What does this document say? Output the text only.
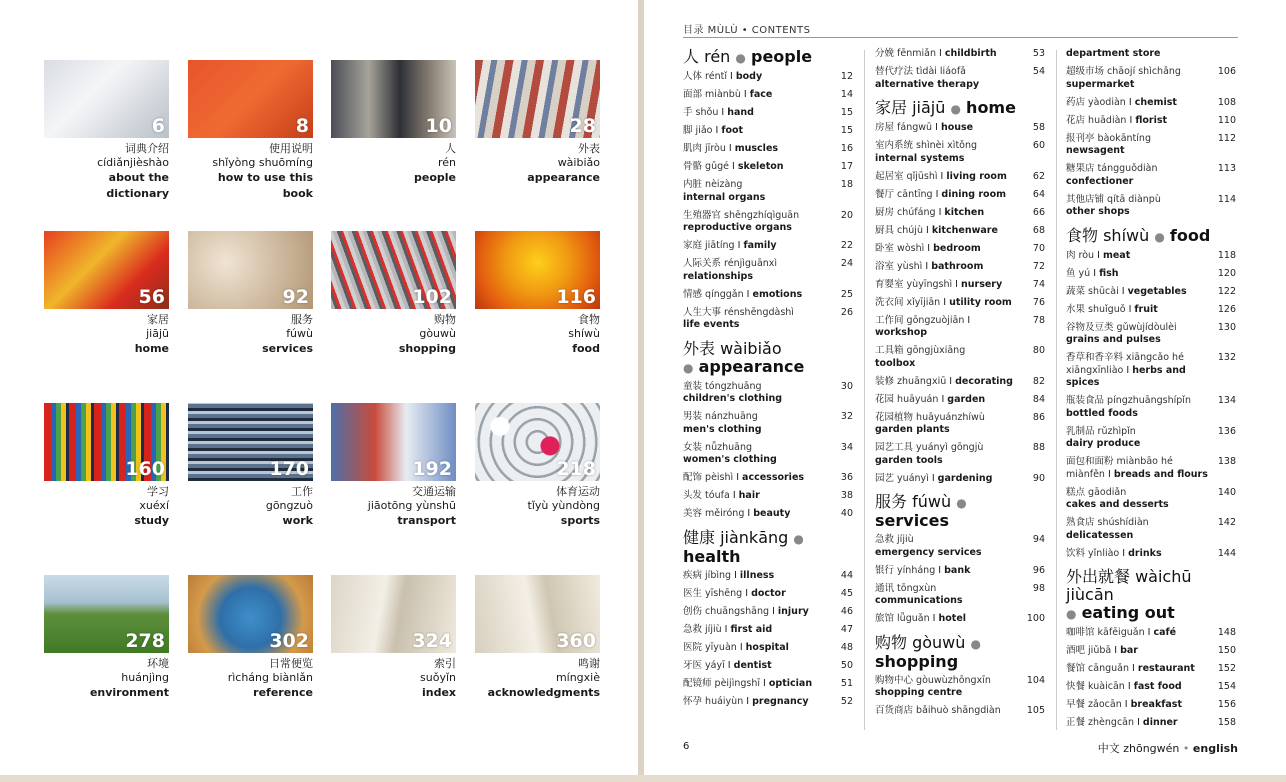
6
词典介绍
cídiǎnjièshào
about the dictionary
8
使用说明
shǐyòng shuōmíng
how to use this book
10
人
rén
people
28
外表
wàibiǎo
appearance
56
家居
jiājū
home
92
服务
fúwù
services
102
购物
gòuwù
shopping
116
食物
shíwù
food
160
学习
xuéxí
study
170
工作
gōngzuò
work
192
交通运输
jiāotōng yùnshū
transport
218
体育运动
tǐyù yùndòng
sports
278
环境
huánjìng
environment
302
日常便览
rìcháng biànlǎn
reference
324
索引
suǒyǐn
index
360
鸣谢
míngxiè
acknowledgments
目录 MÙLÙ • CONTENTS
人 rén ● people
人体 réntǐ I body	12
面部 miànbù I face	14
手 shǒu I hand	15
脚 jiǎo I foot	15
肌肉 jīròu I muscles	16
骨骼 gǔgé I skeleton	17
内脏 nèizàng
internal organs
18
生殖器官 shēngzhíqìguān
reproductive organs
20
家庭 jiātíng I family	22
人际关系 rénjìguānxì
relationships
24
情感 qínggǎn I emotions	25
人生大事 rénshēngdàshì
life events
26
外表 wàibiǎo
● appearance
童装 tóngzhuāng
children's clothing
30
男装 nánzhuāng
men's clothing
32
女装 nǚzhuāng
women's clothing
34
配饰 pèishì I accessories	36
头发 tóufa I hair	38
美容 měiróng I beauty	40
健康 jiànkāng ● health
疾病 jíbìng I illness	44
医生 yīshēng I doctor	45
创伤 chuāngshāng I injury	46
急救 jíjiù I first aid	47
医院 yīyuàn I hospital	48
牙医 yáyī I dentist	50
配镜师 pèijìngshī I optician	51
怀孕 huáiyùn I pregnancy	52
分娩 fēnmiǎn I childbirth	53
替代疗法 tìdài liáofǎ
alternative therapy
54
家居 jiājū ● home
房屋 fángwū I house	58
室内系统 shìnèi xìtǒng
internal systems
60
起居室 qǐjūshì I living room	62
餐厅 cāntīng I dining room	64
厨房 chúfáng I kitchen	66
厨具 chújù I kitchenware	68
卧室 wòshì I bedroom	70
浴室 yùshì I bathroom	72
育婴室 yùyīngshì I nursery	74
洗衣间 xǐyījiān I utility room 76
工作间 gōngzuòjiān I workshop
78
工具箱 gōngjùxiāng
toolbox
80
装修 zhuāngxiū I decorating 82
花园 huāyuán I garden	84
花园植物 huāyuánzhíwù
garden plants
86
园艺工具 yuányì gōngjù
garden tools
88
园艺 yuányì I gardening	90
服务 fúwù ● services
急救 jíjiù
emergency services
94
银行 yínháng I bank	96
通讯 tōngxùn
communications
98
旅馆 lǚguǎn I hotel	100
购物 gòuwù ● shopping
购物中心 gòuwùzhōngxīn
shopping centre
104
百货商店 bǎihuò shāngdiàn	105
department store
超级市场 chāojí shìchǎng
supermarket
106
药店 yàodiàn I chemist	108
花店 huādiàn I florist	110
报刊亭 bàokāntíng
newsagent
112
糖果店 tángguǒdiàn
confectioner
113
其他店铺 qítā diànpù
other shops
114
食物 shíwù ● food
肉 ròu I meat	118
鱼 yú I fish	120
蔬菜 shūcài I vegetables	122
水果 shuǐguǒ I fruit	126
谷物及豆类 gǔwùjídòulèi
grains and pulses
130
香草和香辛料 xiāngcǎo hé xiāngxīnliào I herbs and spices
132
瓶装食品 píngzhuāngshípǐn
bottled foods
134
乳制品 rǔzhìpǐn
dairy produce
136
面包和面粉 miànbāo hé miànfěn I breads and flours
138
糕点 gāodiǎn
cakes and desserts
140
熟食店 shúshídiàn
delicatessen
142
饮料 yǐnliào I drinks	144
外出就餐 wàichū jiùcān
● eating out
咖啡馆 kāfēiguǎn I café	148
酒吧 jiǔbā I bar	150
餐馆 cānguǎn I restaurant 152
快餐 kuàicān I fast food	154
早餐 zǎocān I breakfast	156
正餐 zhèngcān I dinner	158
6	中文 zhōngwén • english
